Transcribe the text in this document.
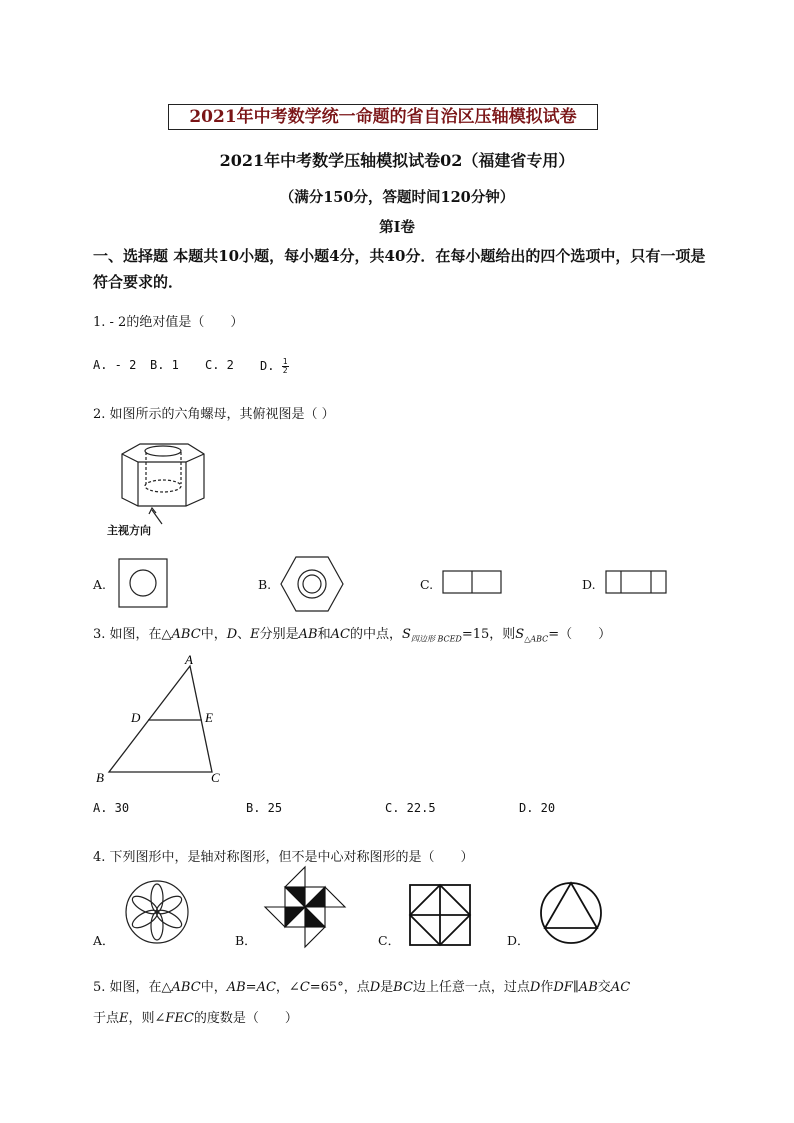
2021年中考数学统一命题的省自治区压轴模拟试卷
2021年中考数学压轴模拟试卷02（福建省专用）
（满分150分，答题时间120分钟）
第Ⅰ卷
一、选择题 本题共10小题，每小题4分，共40分．在每小题给出的四个选项中，只有一项是符合要求的．
1. - 2的绝对值是（　　）
A. - 2 B. 1 C. 2 D. $\frac{1}{2}$
2. 如图所示的六角螺母，其俯视图是（ ）
主视方向
A.	B.	C.	D.
3. 如图，在△ABC中，D、E分别是AB和AC的中点，$S_{四边形 BCED}=15$，则$S_{\triangle ABC}=$（　　）
A
D	E
B	C
A. 30	B. 25	C. 22.5	D. 20
4. 下列图形中，是轴对称图形，但不是中心对称图形的是（　　）
A．	B．	C．	D．
5. 如图，在△ABC中，AB=AC，∠C=65°，点D是BC边上任意一点，过点D作DF∥AB交AC
于点E，则∠FEC的度数是（　　）
